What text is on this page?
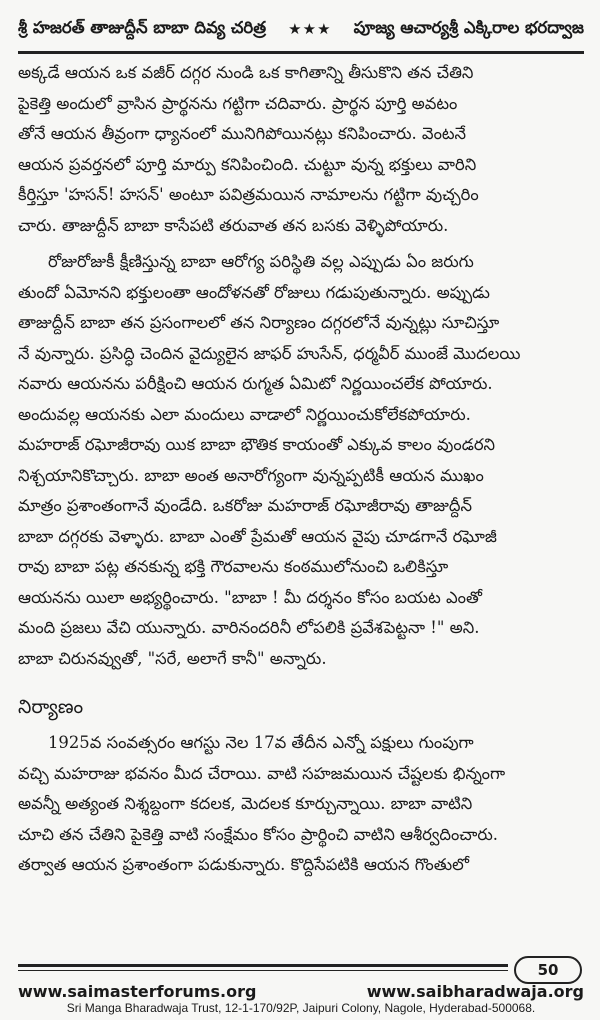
శ్రీ హజరత్ తాజుద్దీన్ బాబా దివ్య చరిత్ర ★★★ పూజ్య ఆచార్యశ్రీ ఎక్కిరాల భరద్వాజ

అక్కడే ఆయన ఒక వజీర్ దగ్గర నుండి ఒక కాగితాన్ని తీసుకొని తన చేతిని

పైకెత్తి అందులో వ్రాసిన ప్రార్థనను గట్టిగా చదివారు. ప్రార్థన పూర్తి అవటం

తోనే ఆయన తీవ్రంగా ధ్యానంలో మునిగిపోయినట్లు కనిపించారు. వెంటనే

ఆయన ప్రవర్తనలో పూర్తి మార్పు కనిపించింది. చుట్టూ వున్న భక్తులు వారిని

కీర్తిస్తూ 'హసన్! హసన్' అంటూ పవిత్రమయిన నామాలను గట్టిగా వుచ్చరిం

చారు. తాజుద్దీన్ బాబా కాసేపటి తరువాత తన బసకు వెళ్ళిపోయారు.

రోజురోజుకీ క్షీణిస్తున్న బాబా ఆరోగ్య పరిస్థితి వల్ల ఎప్పుడు ఏం జరుగు

తుందో ఏమోనని భక్తులంతా ఆందోళనతో రోజులు గడుపుతున్నారు. అప్పుడు

తాజుద్దీన్ బాబా తన ప్రసంగాలలో తన నిర్యాణం దగ్గరలోనే వున్నట్లు సూచిస్తూ

నే వున్నారు. ప్రసిద్ధి చెందిన వైద్యులైన జాఫర్ హుసేన్, ధర్మవీర్ ముంజే మొదలయి

నవారు ఆయనను పరీక్షించి ఆయన రుగ్మత ఏమిటో నిర్ణయించలేక పోయారు.

అందువల్ల ఆయనకు ఎలా మందులు వాడాలో నిర్ణయించుకోలేకపోయారు.

మహరాజ్ రఘోజీరావు యిక బాబా భౌతిక కాయంతో ఎక్కువ కాలం వుండరని

నిశ్చయానికొచ్చారు. బాబా అంత అనారోగ్యంగా వున్నప్పటికీ ఆయన ముఖం

మాత్రం ప్రశాంతంగానే వుండేది. ఒకరోజు మహరాజ్ రఘోజీరావు తాజుద్దీన్

బాబా దగ్గరకు వెళ్ళారు. బాబా ఎంతో ప్రేమతో ఆయన వైపు చూడగానే రఘోజీ

రావు బాబా పట్ల తనకున్న భక్తి గౌరవాలను కంఠములోనుంచి ఒలికిస్తూ

ఆయనను యిలా అభ్యర్థించారు. "బాబా ! మీ దర్శనం కోసం బయట ఎంతో

మంది ప్రజలు వేచి యున్నారు. వారినందరినీ లోపలికి ప్రవేశపెట్టనా !" అని.

బాబా చిరునవ్వుతో, "సరే, అలాగే కానీ" అన్నారు.

నిర్యాణం

1925వ సంవత్సరం ఆగస్టు నెల 17వ తేదీన ఎన్నో పక్షులు గుంపుగా

వచ్చి మహరాజు భవనం మీద చేరాయి. వాటి సహజమయిన చేష్టలకు భిన్నంగా

అవన్నీ అత్యంత నిశ్శబ్దంగా కదలక, మెదలక కూర్చున్నాయి. బాబా వాటిని

చూచి తన చేతిని పైకెత్తి వాటి సంక్షేమం కోసం ప్రార్థించి వాటిని ఆశీర్వదించారు.

తర్వాత ఆయన ప్రశాంతంగా పడుకున్నారు. కొద్దిసేపటికి ఆయన గొంతులో

50
www.saimasterforums.org	www.saibharadwaja.org
Sri Manga Bharadwaja Trust, 12-1-170/92P, Jaipuri Colony, Nagole, Hyderabad-500068.
